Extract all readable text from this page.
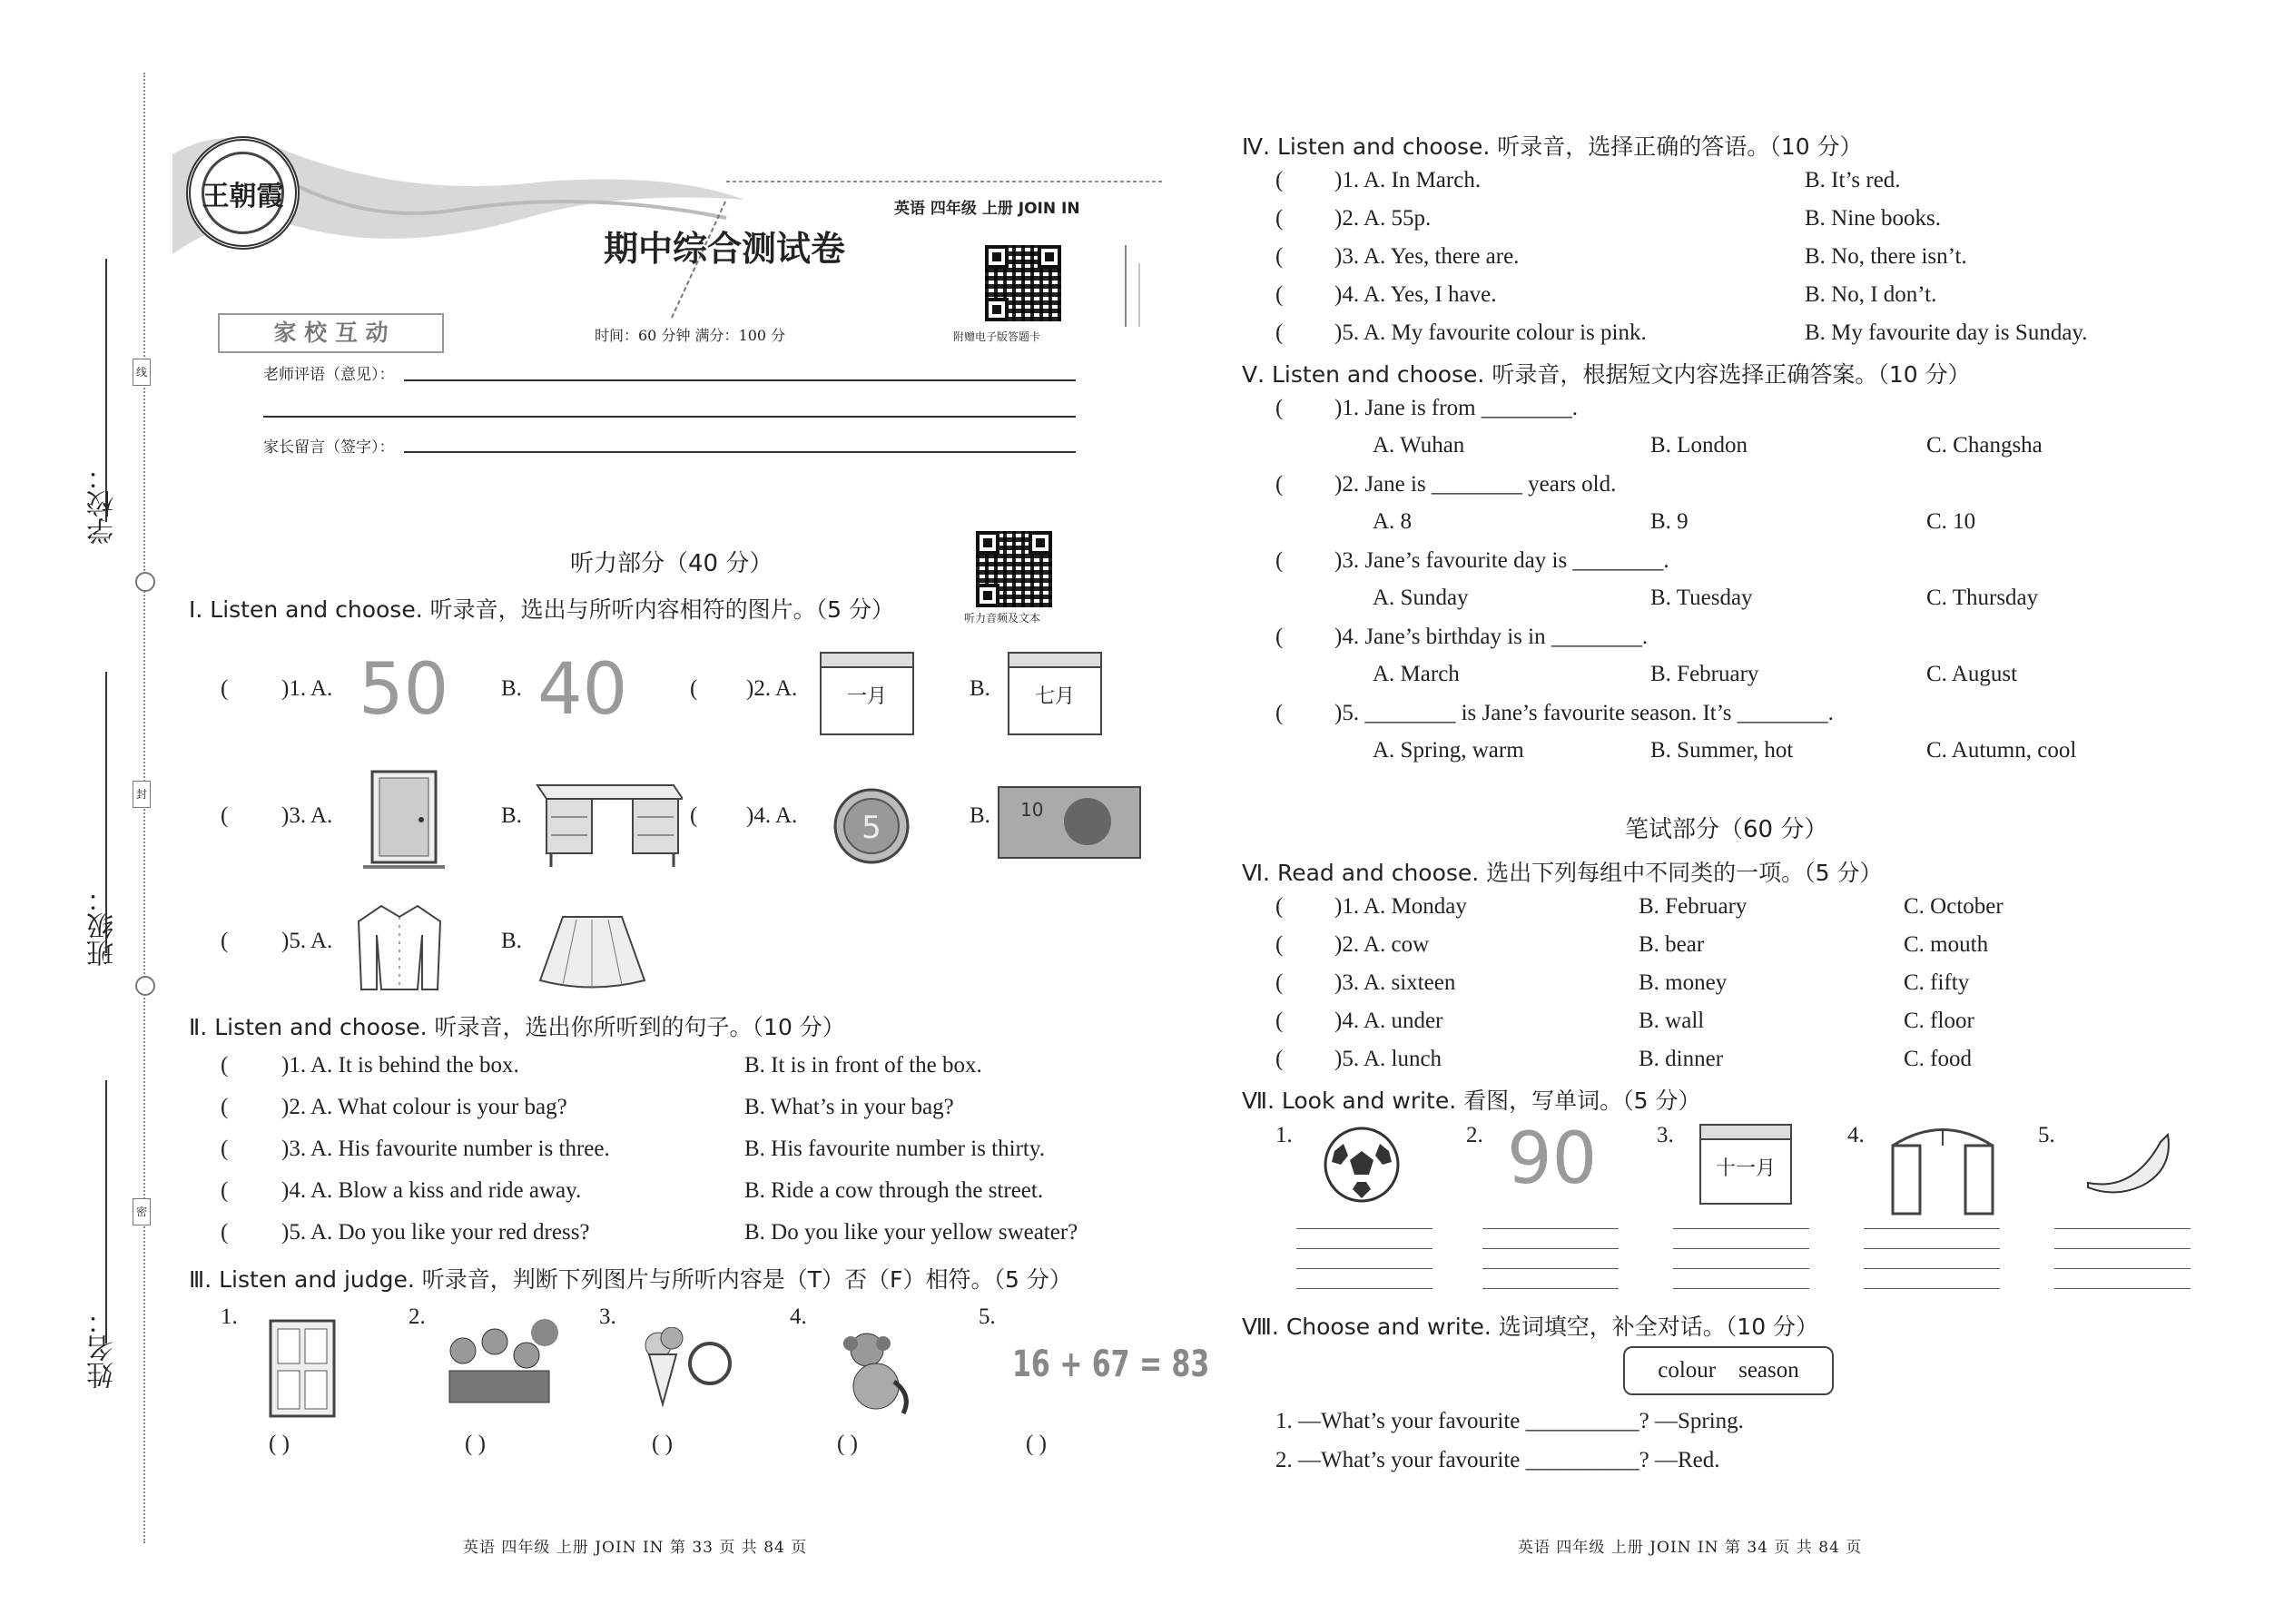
学校：
班级：
姓名：
线
封
密
王朝霞	英语 四年级 上册 JOIN IN
期中综合测试卷
附赠电子版答题卡
家 校 互 动	时间：60 分钟 满分：100 分
老师评语（意见）：
家长留言（签字）：
听力部分（40 分）
听力音频及文本
Ⅰ. Listen and choose. 听录音，选出与所听内容相符的图片。（5 分）
( )1. A. 50 B. 40	( )2. A.	一月	B.	七月
( )3. A.	B.	( )4. A. 5	B. 10
( )5. A.	B.
Ⅱ. Listen and choose. 听录音，选出你所听到的句子。（10 分）
( )1. A. It is behind the box.	B. It is in front of the box.
( )2. A. What colour is your bag?	B. What’s in your bag?
( )3. A. His favourite number is three.	B. His favourite number is thirty.
( )4. A. Blow a kiss and ride away.	B. Ride a cow through the street.
( )5. A. Do you like your red dress?	B. Do you like your yellow sweater?
Ⅲ. Listen and judge. 听录音，判断下列图片与所听内容是（T）否（F）相符。（5 分）
1.	2.	3.	4.	5.
16 + 67 = 83
( )	( )	( )	( )	( )
英语 四年级 上册 JOIN IN 第 33 页 共 84 页
Ⅳ. Listen and choose. 听录音，选择正确的答语。（10 分）
( )1. A. In March.	B. It’s red.
( )2. A. 55p.	B. Nine books.
( )3. A. Yes, there are.	B. No, there isn’t.
( )4. A. Yes, I have.	B. No, I don’t.
( )5. A. My favourite colour is pink.	B. My favourite day is Sunday.
Ⅴ. Listen and choose. 听录音，根据短文内容选择正确答案。（10 分）
( )1. Jane is from ________.
A. Wuhan	B. London	C. Changsha
( )2. Jane is ________ years old.
A. 8	B. 9	C. 10
( )3. Jane’s favourite day is ________.
A. Sunday	B. Tuesday	C. Thursday
( )4. Jane’s birthday is in ________.
A. March	B. February	C. August
( )5. ________ is Jane’s favourite season. It’s ________.
A. Spring, warm	B. Summer, hot	C. Autumn, cool
笔试部分（60 分）
Ⅵ. Read and choose. 选出下列每组中不同类的一项。（5 分）
( )1. A. Monday	B. February	C. October
( )2. A. cow	B. bear	C. mouth
( )3. A. sixteen	B. money	C. fifty
( )4. A. under	B. wall	C. floor
( )5. A. lunch	B. dinner	C. food
Ⅶ. Look and write. 看图，写单词。（5 分）
1.	2.	3.	4.	5.
90	十一月
Ⅷ. Choose and write. 选词填空，补全对话。（10 分）
colour    season
1. —What’s your favourite __________? —Spring.
2. —What’s your favourite __________? —Red.
英语 四年级 上册 JOIN IN 第 34 页 共 84 页
